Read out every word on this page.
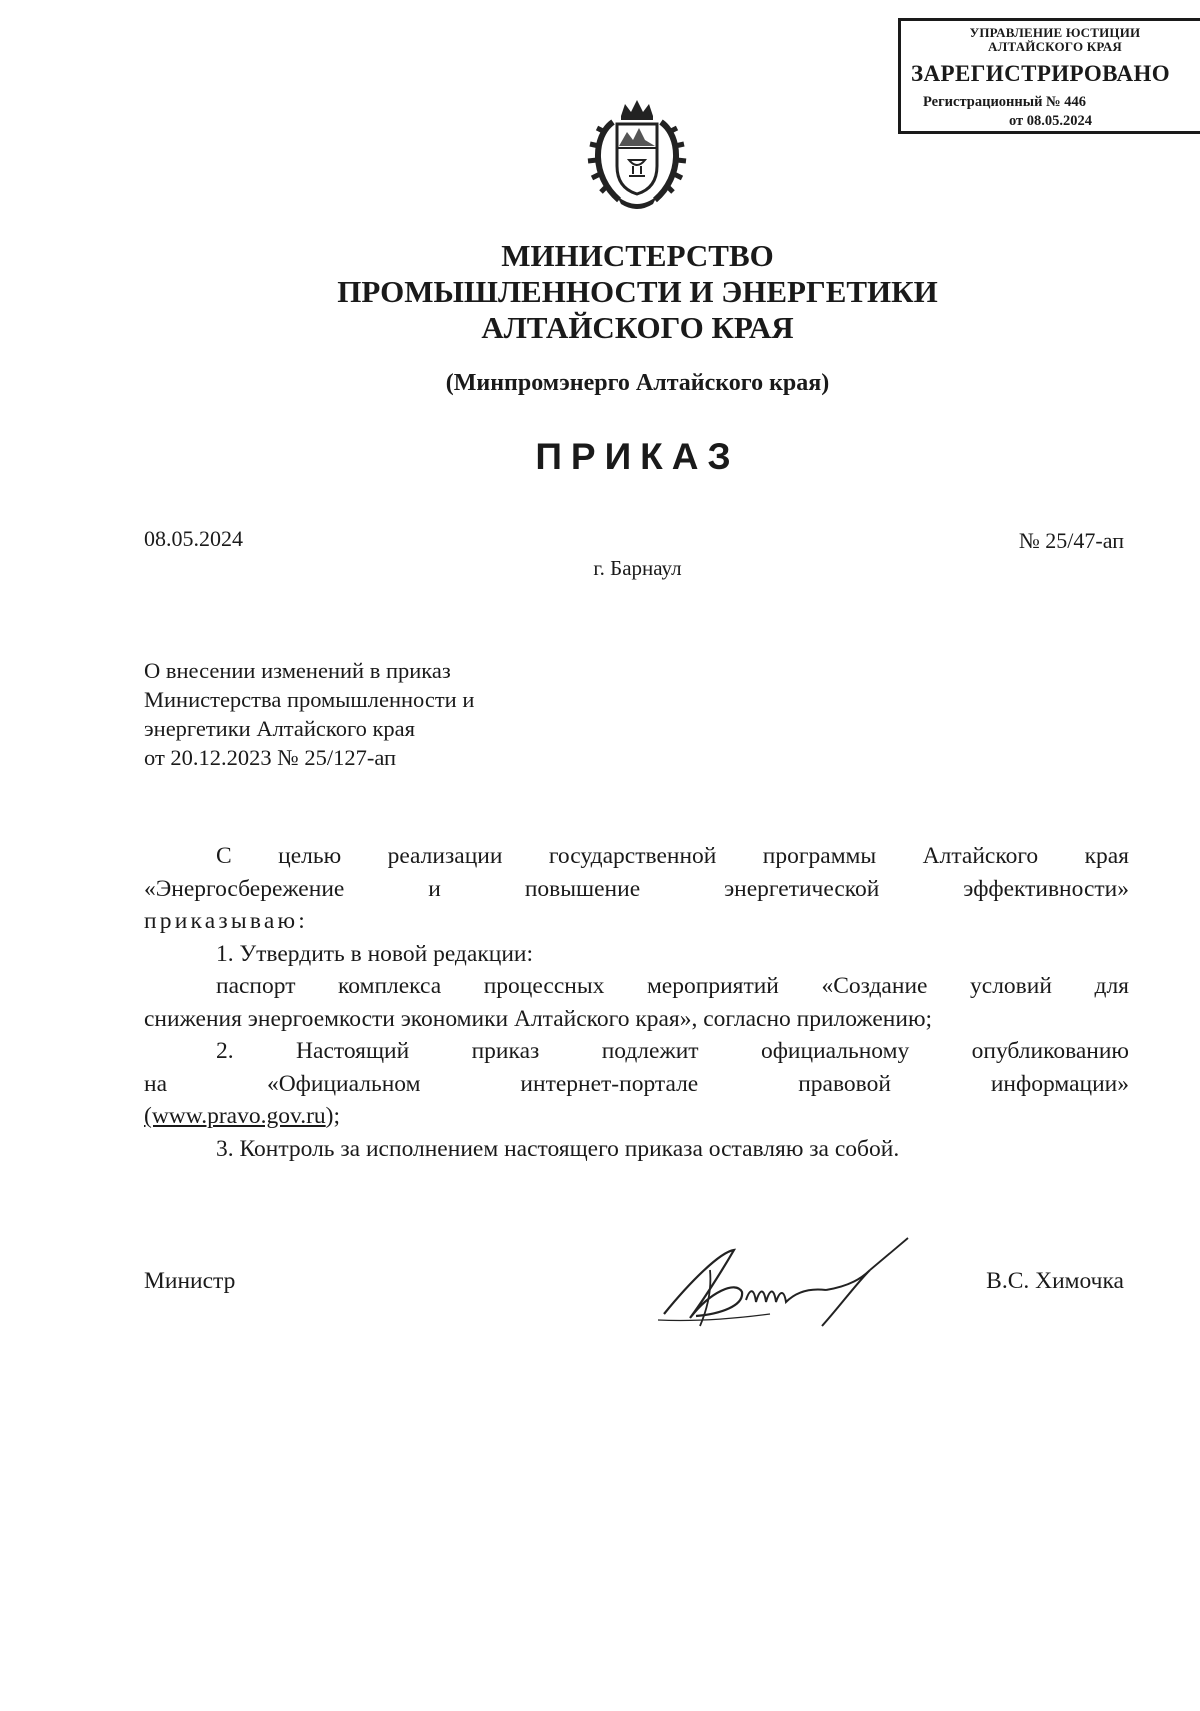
УПРАВЛЕНИЕ ЮСТИЦИИ
АЛТАЙСКОГО КРАЯ
ЗАРЕГИСТРИРОВАНО
Регистрационный № 446
от 08.05.2024
МИНИСТЕРСТВО
ПРОМЫШЛЕННОСТИ И ЭНЕРГЕТИКИ
АЛТАЙСКОГО КРАЯ
(Минпромэнерго Алтайского края)
ПРИКАЗ
08.05.2024	№ 25/47-ап
г. Барнаул
О внесении изменений в приказ
Министерства промышленности и
энергетики Алтайского края
от 20.12.2023 № 25/127-ап

С целью реализации государственной программы Алтайского края

«Энергосбережение и повышение энергетической эффективности»

приказываю:

1. Утвердить в новой редакции:

паспорт комплекса процессных мероприятий «Создание условий для

снижения энергоемкости экономики Алтайского края», согласно приложению;

2. Настоящий приказ подлежит официальному опубликованию

на «Официальном интернет-портале правовой информации»

(www.pravo.gov.ru);

3. Контроль за исполнением настоящего приказа оставляю за собой.

Министр	В.С. Химочка
